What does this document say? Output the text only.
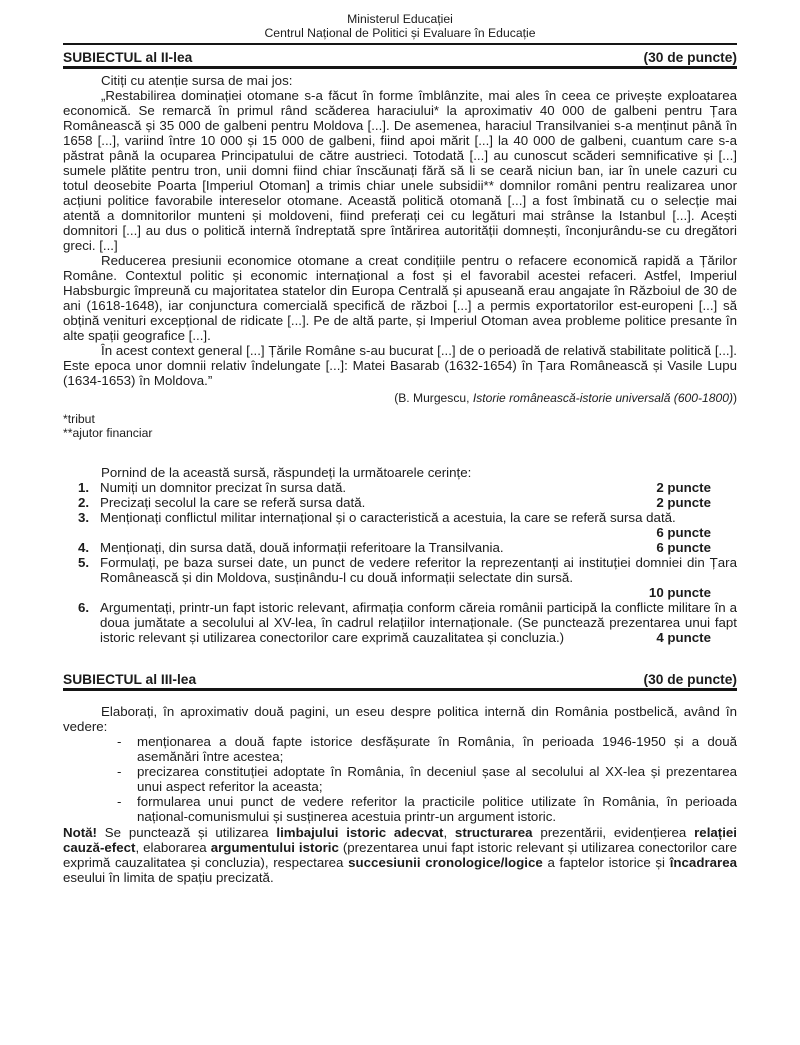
Ministerul Educației
Centrul Național de Politici și Evaluare în Educație
SUBIECTUL al II-lea	(30 de puncte)
Citiți cu atenție sursa de mai jos:
„Restabilirea dominației otomane s-a făcut în forme îmblânzite, mai ales în ceea ce privește exploatarea economică. Se remarcă în primul rând scăderea haraciului* la aproximativ 40 000 de galbeni pentru Țara Românească și 35 000 de galbeni pentru Moldova [...]. De asemenea, haraciul Transilvaniei s-a menținut până în 1658 [...], variind între 10 000 și 15 000 de galbeni, fiind apoi mărit [...] la 40 000 de galbeni, cuantum care s-a păstrat până la ocuparea Principatului de către austrieci. Totodată [...] au cunoscut scăderi semnificative și [...] sumele plătite pentru tron, unii domni fiind chiar înscăunați fără să li se ceară niciun ban, iar în unele cazuri cu totul deosebite Poarta [Imperiul Otoman] a trimis chiar unele subsidii** domnilor români pentru realizarea unor acțiuni politice favorabile intereselor otomane. Această politică otomană [...] a fost îmbinată cu o selecție mai atentă a domnitorilor munteni și moldoveni, fiind preferați cei cu legături mai strânse la Istanbul [...]. Acești domnitori [...] au dus o politică internă îndreptată spre întărirea autorității domnești, înconjurându-se cu dregători greci. [...]
Reducerea presiunii economice otomane a creat condițiile pentru o refacere economică rapidă a Țărilor Române. Contextul politic și economic internațional a fost și el favorabil acestei refaceri. Astfel, Imperiul Habsburgic împreună cu majoritatea statelor din Europa Centrală și apuseană erau angajate în Războiul de 30 de ani (1618-1648), iar conjunctura comercială specifică de război [...] a permis exportatorilor est-europeni [...] să obțină venituri excepțional de ridicate [...]. Pe de altă parte, și Imperiul Otoman avea probleme politice presante în alte spații geografice [...].
În acest context general [...] Țările Române s-au bucurat [...] de o perioadă de relativă stabilitate politică [...]. Este epoca unor domnii relativ îndelungate [...]: Matei Basarab (1632-1654) în Țara Românească și Vasile Lupu (1634-1653) în Moldova.”
(B. Murgescu, Istorie românească-istorie universală (600-1800))
*tribut
**ajutor financiar
Pornind de la această sursă, răspundeți la următoarele cerințe:
1. Numiți un domnitor precizat în sursa dată.	2 puncte
2. Precizați secolul la care se referă sursa dată.	2 puncte
3. Menționați conflictul militar internațional și o caracteristică a acestuia, la care se referă sursa dată.
6 puncte
4. Menționați, din sursa dată, două informații referitoare la Transilvania.	6 puncte
5. Formulați, pe baza sursei date, un punct de vedere referitor la reprezentanți ai instituției domniei din Țara Românească și din Moldova, susținându-l cu două informații selectate din sursă.
10 puncte
6. Argumentați, printr-un fapt istoric relevant, afirmația conform căreia românii participă la conflicte militare în a doua jumătate a secolului al XV-lea, în cadrul relațiilor internaționale. (Se punctează prezentarea unui fapt istoric relevant și utilizarea conectorilor care exprimă cauzalitatea și concluzia.)	4 puncte
SUBIECTUL al III-lea	(30 de puncte)
Elaborați, în aproximativ două pagini, un eseu despre politica internă din România postbelică, având în vedere:
-	menționarea a două fapte istorice desfășurate în România, în perioada 1946-1950 și a două asemănări între acestea;
-	precizarea constituției adoptate în România, în deceniul șase al secolului al XX-lea și prezentarea unui aspect referitor la aceasta;
-	formularea unui punct de vedere referitor la practicile politice utilizate în România, în perioada național-comunismului și susținerea acestuia printr-un argument istoric.

Notă! Se punctează și utilizarea limbajului istoric adecvat, structurarea prezentării, evidențierea relației cauză-efect, elaborarea argumentului istoric (prezentarea unui fapt istoric relevant și utilizarea conectorilor care exprimă cauzalitatea și concluzia), respectarea succesiunii cronologice/logice a faptelor istorice și încadrarea eseului în limita de spațiu precizată.
